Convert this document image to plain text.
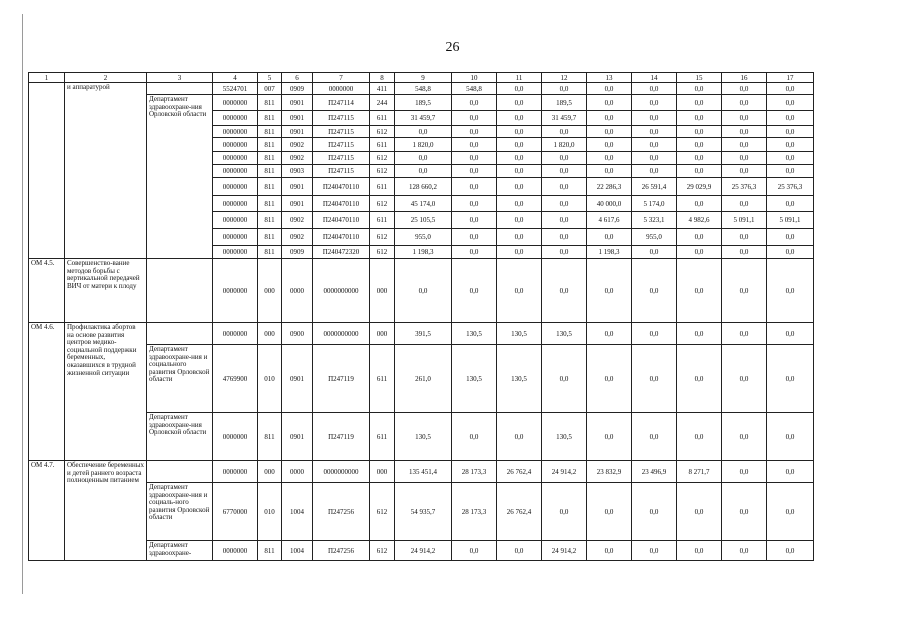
26
1	2	3	4	5	6	7	8	9	10	11	12	13	14	15	16	17
	и аппаратурой		5524701	007	0909	0000000	411	548,8	548,8	0,0	0,0	0,0	0,0	0,0	0,0	0,0
		Департамент здравоохране-ния Орловской области	0000000	811	0901	П247114	244	189,5	0,0	0,0	189,5	0,0	0,0	0,0	0,0	0,0
			0000000	811	0901	П247115	611	31 459,7	0,0	0,0	31 459,7	0,0	0,0	0,0	0,0	0,0
			0000000	811	0901	П247115	612	0,0	0,0	0,0	0,0	0,0	0,0	0,0	0,0	0,0
			0000000	811	0902	П247115	611	1 820,0	0,0	0,0	1 820,0	0,0	0,0	0,0	0,0	0,0
			0000000	811	0902	П247115	612	0,0	0,0	0,0	0,0	0,0	0,0	0,0	0,0	0,0
			0000000	811	0903	П247115	612	0,0	0,0	0,0	0,0	0,0	0,0	0,0	0,0	0,0
			0000000	811	0901	П240470110	611	128 660,2	0,0	0,0	0,0	22 286,3	26 591,4	29 029,9	25 376,3	25 376,3
			0000000	811	0901	П240470110	612	45 174,0	0,0	0,0	0,0	40 000,0	5 174,0	0,0	0,0	0,0
			0000000	811	0902	П240470110	611	25 105,5	0,0	0,0	0,0	4 617,6	5 323,1	4 982,6	5 091,1	5 091,1
			0000000	811	0902	П240470110	612	955,0	0,0	0,0	0,0	0,0	955,0	0,0	0,0	0,0
			0000000	811	0909	П240472320	612	1 198,3	0,0	0,0	0,0	1 198,3	0,0	0,0	0,0	0,0
ОМ 4.5.	Совершенство-вание методов борьбы с вертикальной передачей ВИЧ от матери к плоду		0000000	000	0000	0000000000	000	0,0	0,0	0,0	0,0	0,0	0,0	0,0	0,0	0,0
ОМ 4.6.	Профилактика абортов на основе развития центров медико-социальной поддержки беременных, оказавшихся в трудной жизненной ситуации		0000000	000	0900	0000000000	000	391,5	130,5	130,5	130,5	0,0	0,0	0,0	0,0	0,0
		Департамент здравоохране-ния и социального развития Орловской области	4769900	010	0901	П247119	611	261,0	130,5	130,5	0,0	0,0	0,0	0,0	0,0	0,0
		Департамент здравоохране-ния Орловской области	0000000	811	0901	П247119	611	130,5	0,0	0,0	130,5	0,0	0,0	0,0	0,0	0,0
ОМ 4.7.	Обеспечение беременных и детей раннего возраста полноценным питанием		0000000	000	0000	0000000000	000	135 451,4	28 173,3	26 762,4	24 914,2	23 832,9	23 496,9	8 271,7	0,0	0,0
		Департамент здравоохране-ния и социаль-ного развития Орловской области	6770000	010	1004	П247256	612	54 935,7	28 173,3	26 762,4	0,0	0,0	0,0	0,0	0,0	0,0
		Департамент здравоохране-	0000000	811	1004	П247256	612	24 914,2	0,0	0,0	24 914,2	0,0	0,0	0,0	0,0	0,0
